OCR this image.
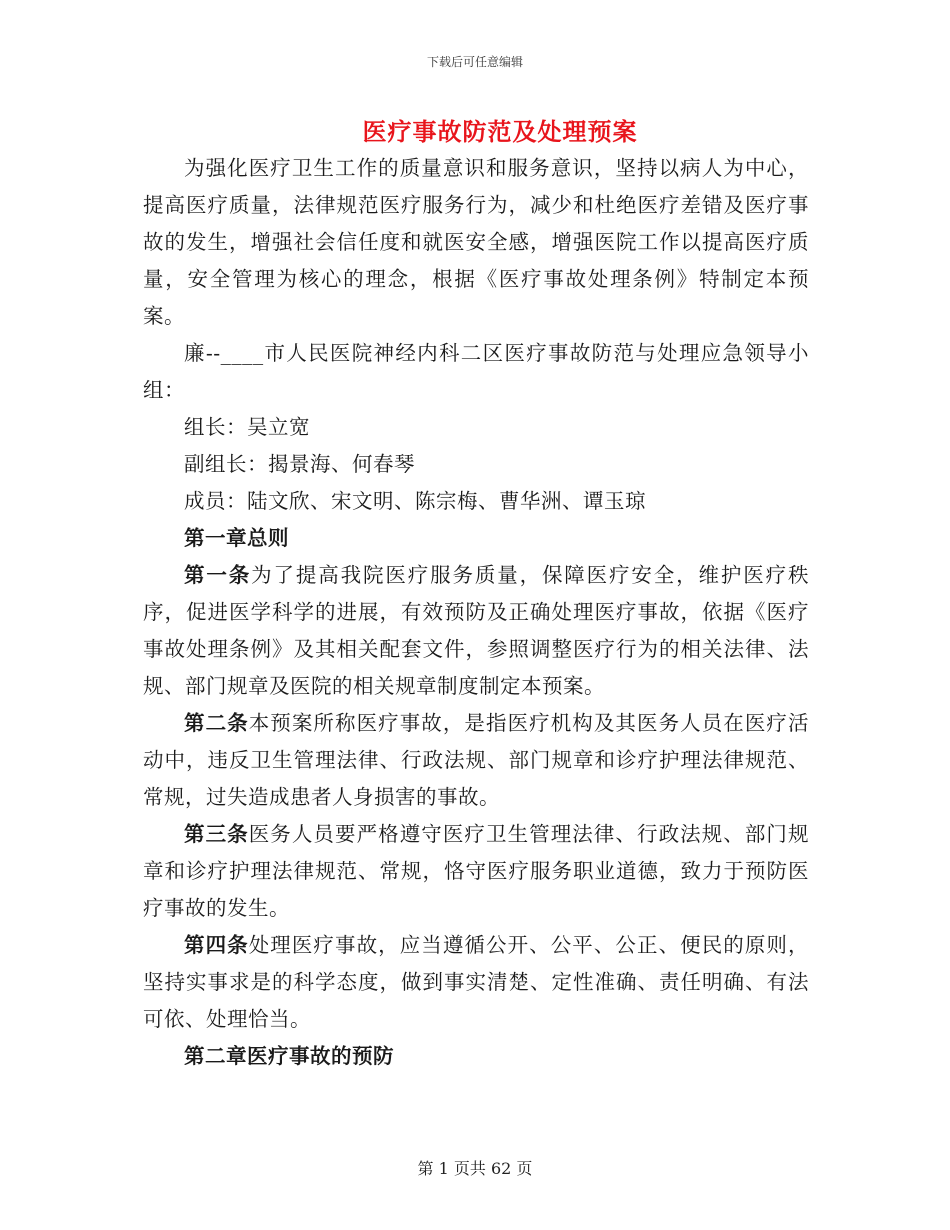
下载后可任意编辑
医疗事故防范及处理预案

为强化医疗卫生工作的质量意识和服务意识，坚持以病人为中心，提高医疗质量，法律规范医疗服务行为，减少和杜绝医疗差错及医疗事故的发生，增强社会信任度和就医安全感，增强医院工作以提高医疗质量，安全管理为核心的理念，根据《医疗事故处理条例》特制定本预案。

廉--____市人民医院神经内科二区医疗事故防范与处理应急领导小组：

组长：吴立宽

副组长：揭景海、何春琴

成员：陆文欣、宋文明、陈宗梅、曹华洲、谭玉琼

第一章总则

第一条为了提高我院医疗服务质量，保障医疗安全，维护医疗秩序，促进医学科学的进展，有效预防及正确处理医疗事故，依据《医疗事故处理条例》及其相关配套文件，参照调整医疗行为的相关法律、法规、部门规章及医院的相关规章制度制定本预案。

第二条本预案所称医疗事故，是指医疗机构及其医务人员在医疗活动中，违反卫生管理法律、行政法规、部门规章和诊疗护理法律规范、常规，过失造成患者人身损害的事故。

第三条医务人员要严格遵守医疗卫生管理法律、行政法规、部门规章和诊疗护理法律规范、常规，恪守医疗服务职业道德，致力于预防医疗事故的发生。

第四条处理医疗事故，应当遵循公开、公平、公正、便民的原则，坚持实事求是的科学态度，做到事实清楚、定性准确、责任明确、有法可依、处理恰当。

第二章医疗事故的预防

第 1 页共 62 页
